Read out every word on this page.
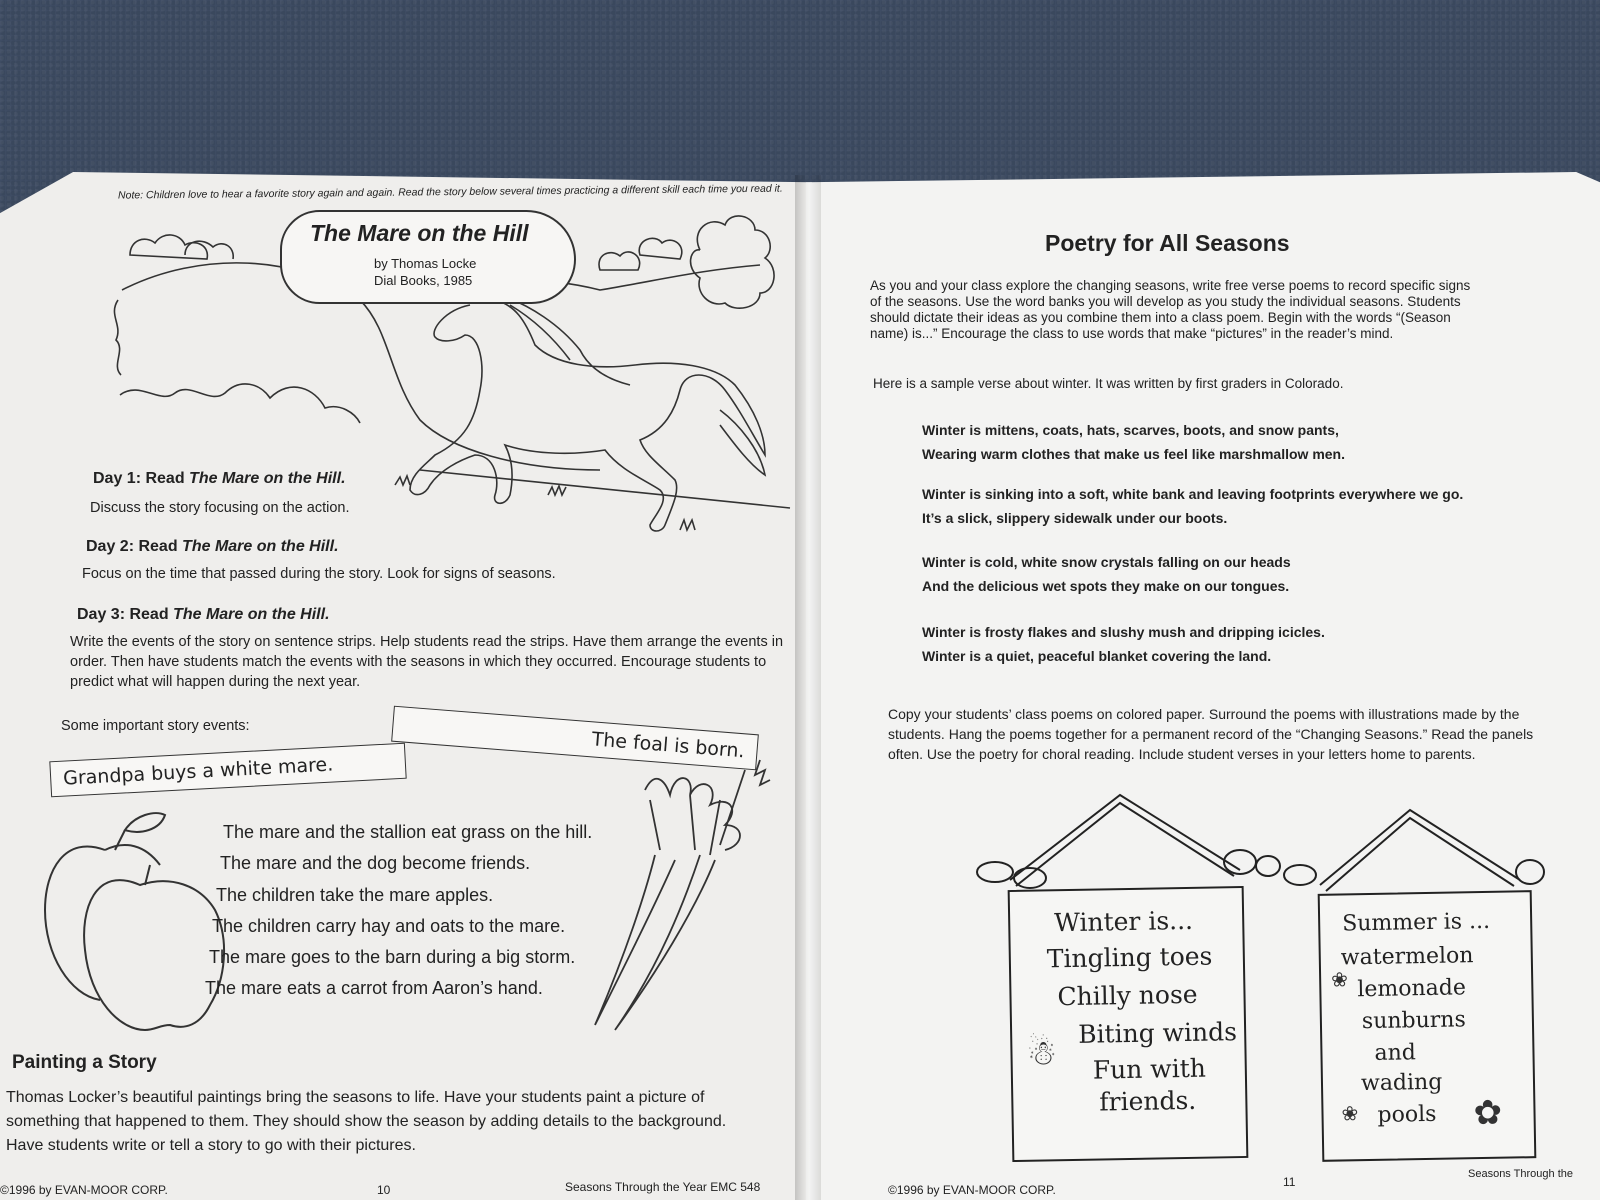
Note: Children love to hear a favorite story again and again. Read the story below several times practicing a different skill each time you read it.
The Mare on the Hill
by Thomas Locke
Dial Books, 1985
Day 1: Read The Mare on the Hill.
Discuss the story focusing on the action.
Day 2: Read The Mare on the Hill.
Focus on the time that passed during the story. Look for signs of seasons.
Day 3: Read The Mare on the Hill.
Write the events of the story on sentence strips. Help students read the strips. Have them arrange the events in order. Then have students match the events with the seasons in which they occurred. Encourage students to predict what will happen during the next year.
Some important story events:
Grandpa buys a white mare.
The foal is born.
The mare and the stallion eat grass on the hill.
The mare and the dog become friends.
The children take the mare apples.
The children carry hay and oats to the mare.
The mare goes to the barn during a big storm.
The mare eats a carrot from Aaron’s hand.
Painting a Story
Thomas Locker’s beautiful paintings bring the seasons to life. Have your students paint a picture of something that happened to them. They should show the season by adding details to the background. Have students write or tell a story to go with their pictures.
©1996 by EVAN-MOOR CORP.	10	Seasons Through the Year EMC 548
Poetry for All Seasons
As you and your class explore the changing seasons, write free verse poems to record specific signs of the seasons. Use the word banks you will develop as you study the individual seasons. Students should dictate their ideas as you combine them into a class poem. Begin with the words “(Season name) is...” Encourage the class to use words that make “pictures” in the reader’s mind.
Here is a sample verse about winter. It was written by first graders in Colorado.
Winter is mittens, coats, hats, scarves, boots, and snow pants,
Wearing warm clothes that make us feel like marshmallow men.
Winter is sinking into a soft, white bank and leaving footprints everywhere we go.
It’s a slick, slippery sidewalk under our boots.
Winter is cold, white snow crystals falling on our heads
And the delicious wet spots they make on our tongues.
Winter is frosty flakes and slushy mush and dripping icicles.
Winter is a quiet, peaceful blanket covering the land.
Copy your students’ class poems on colored paper. Surround the poems with illustrations made by the students. Hang the poems together for a permanent record of the “Changing Seasons.” Read the panels often. Use the poetry for choral reading. Include student verses in your letters home to parents.
Winter is...
Tingling toes
Chilly nose
Biting winds
Fun with
friends.
☃
Summer is ...
watermelon
lemonade
sunburns
and
wading
pools ✿
❀
❀
©1996 by EVAN-MOOR CORP.
11
Seasons Through the
